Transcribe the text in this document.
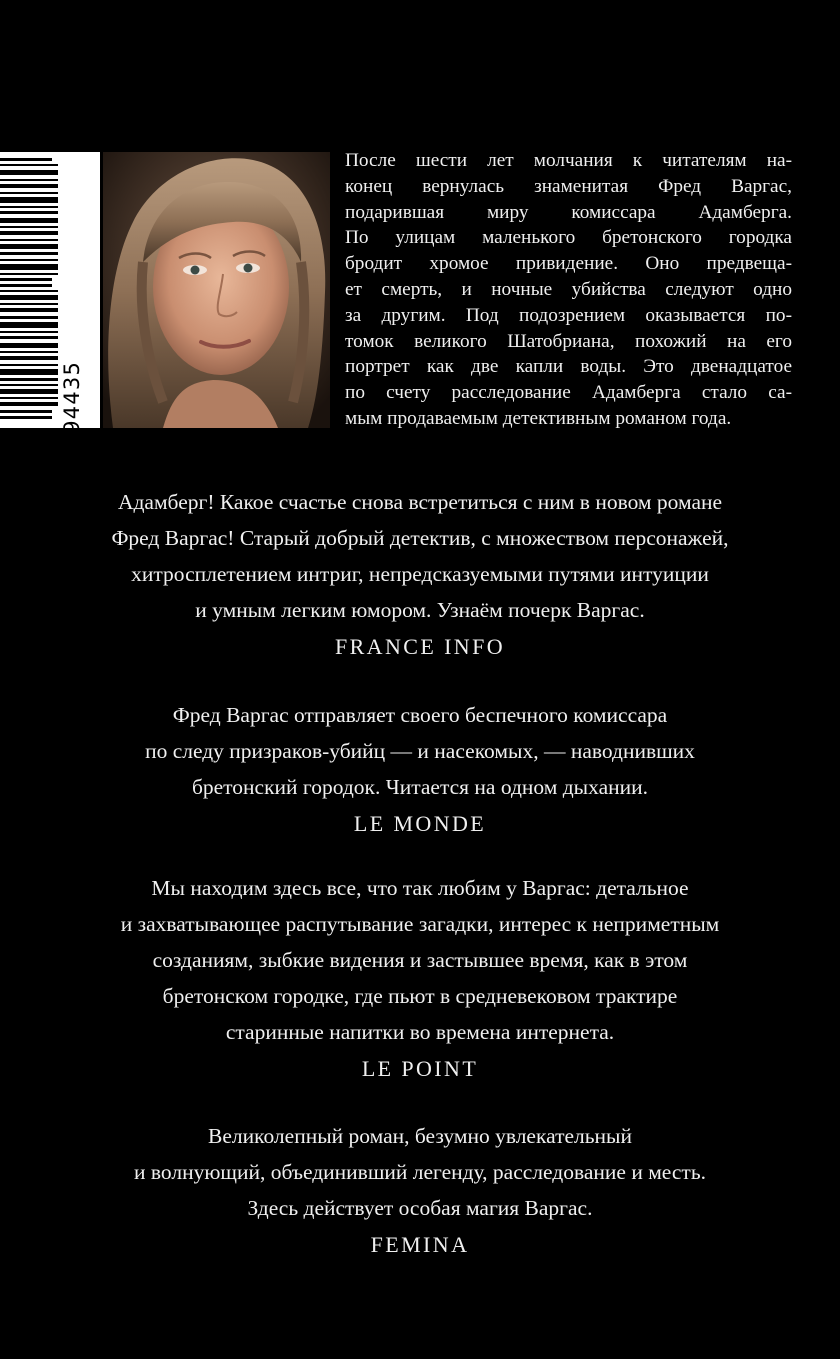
9 785171 594435
После шести лет молчания к читателям на-
конец вернулась знаменитая Фред Варгас,
подарившая миру комиссара Адамберга.
По улицам маленького бретонского городка
бродит хромое привидение. Оно предвеща-
ет смерть, и ночные убийства следуют одно
за другим. Под подозрением оказывается по-
томок великого Шатобриана, похожий на его
портрет как две капли воды. Это двенадцатое
по счету расследование Адамберга стало са-
мым продаваемым детективным романом года.
Адамберг! Какое счастье снова встретиться с ним в новом романе
Фред Варгас! Старый добрый детектив, с множеством персонажей,
хитросплетением интриг, непредсказуемыми путями интуиции
и умным легким юмором. Узнаём почерк Варгас.
FRANCE INFO
Фред Варгас отправляет своего беспечного комиссара
по следу призраков-убийц — и насекомых, — наводнивших
бретонский городок. Читается на одном дыхании.
LE MONDE
Мы находим здесь все, что так любим у Варгас: детальное
и захватывающее распутывание загадки, интерес к неприметным
созданиям, зыбкие видения и застывшее время, как в этом
бретонском городке, где пьют в средневековом трактире
старинные напитки во времена интернета.
LE POINT
Великолепный роман, безумно увлекательный
и волнующий, объединивший легенду, расследование и месть.
Здесь действует особая магия Варгас.
FEMINA
